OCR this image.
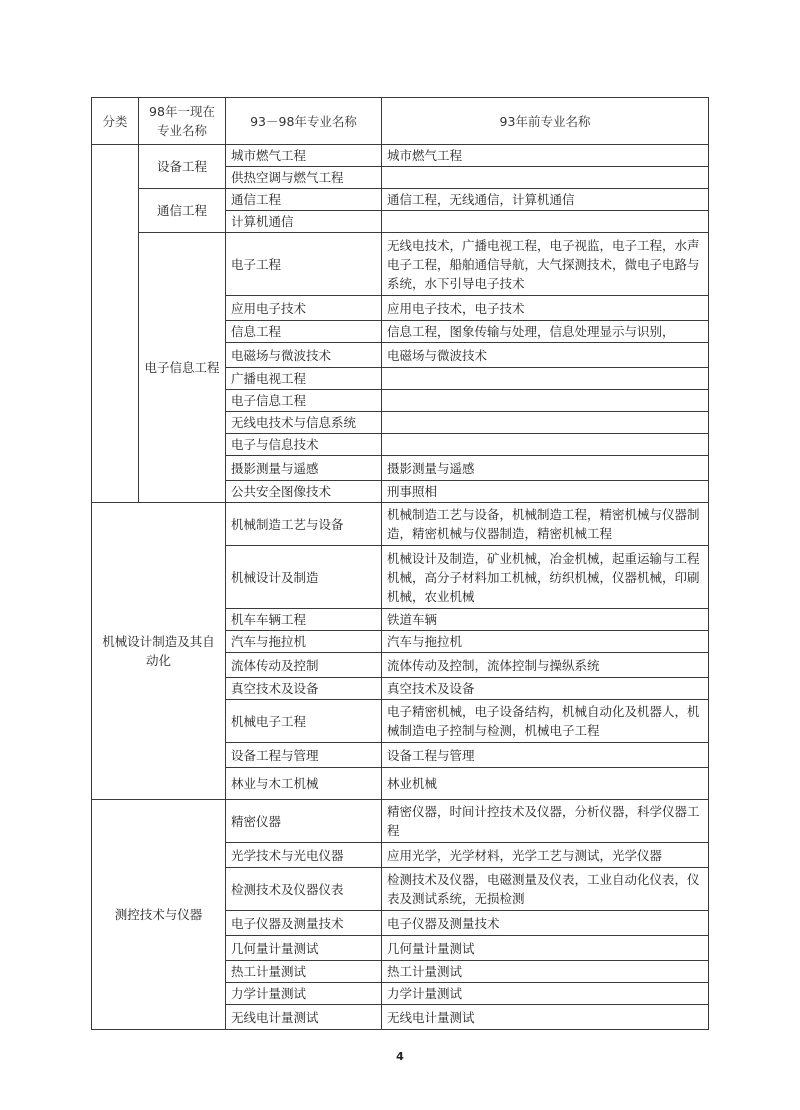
分类	98年一现在专业名称	93－98年专业名称	93年前专业名称
	设备工程	城市燃气工程	城市燃气工程
		供热空调与燃气工程	
	通信工程	通信工程	通信工程，无线通信，计算机通信
		计算机通信	
	电子信息工程	电子工程	无线电技术，广播电视工程，电子视监，电子工程，水声电子工程，船舶通信导航，大气探测技术，微电子电路与系统，水下引导电子技术
		应用电子技术	应用电子技术，电子技术
		信息工程	信息工程，图象传输与处理，信息处理显示与识别，
		电磁场与微波技术	电磁场与微波技术
		广播电视工程	
		电子信息工程	
		无线电技术与信息系统	
		电子与信息技术	
		摄影测量与遥感	摄影测量与遥感
		公共安全图像技术	刑事照相
机械设计制造及其自动化		机械制造工艺与设备	机械制造工艺与设备，机械制造工程，精密机械与仪器制造，精密机械与仪器制造，精密机械工程
		机械设计及制造	机械设计及制造，矿业机械，冶金机械，起重运输与工程机械，高分子材料加工机械，纺织机械，仪器机械，印刷机械，农业机械
		机车车辆工程	铁道车辆
		汽车与拖拉机	汽车与拖拉机
		流体传动及控制	流体传动及控制，流体控制与操纵系统
		真空技术及设备	真空技术及设备
		机械电子工程	电子精密机械，电子设备结构，机械自动化及机器人，机械制造电子控制与检测，机械电子工程
		设备工程与管理	设备工程与管理
		林业与木工机械	林业机械
测控技术与仪器		精密仪器	精密仪器，时间计控技术及仪器，分析仪器，科学仪器工程
		光学技术与光电仪器	应用光学，光学材料，光学工艺与测试，光学仪器
		检测技术及仪器仪表	检测技术及仪器，电磁测量及仪表，工业自动化仪表，仪表及测试系统，无损检测
		电子仪器及测量技术	电子仪器及测量技术
		几何量计量测试	几何量计量测试
		热工计量测试	热工计量测试
		力学计量测试	力学计量测试
		无线电计量测试	无线电计量测试
4
